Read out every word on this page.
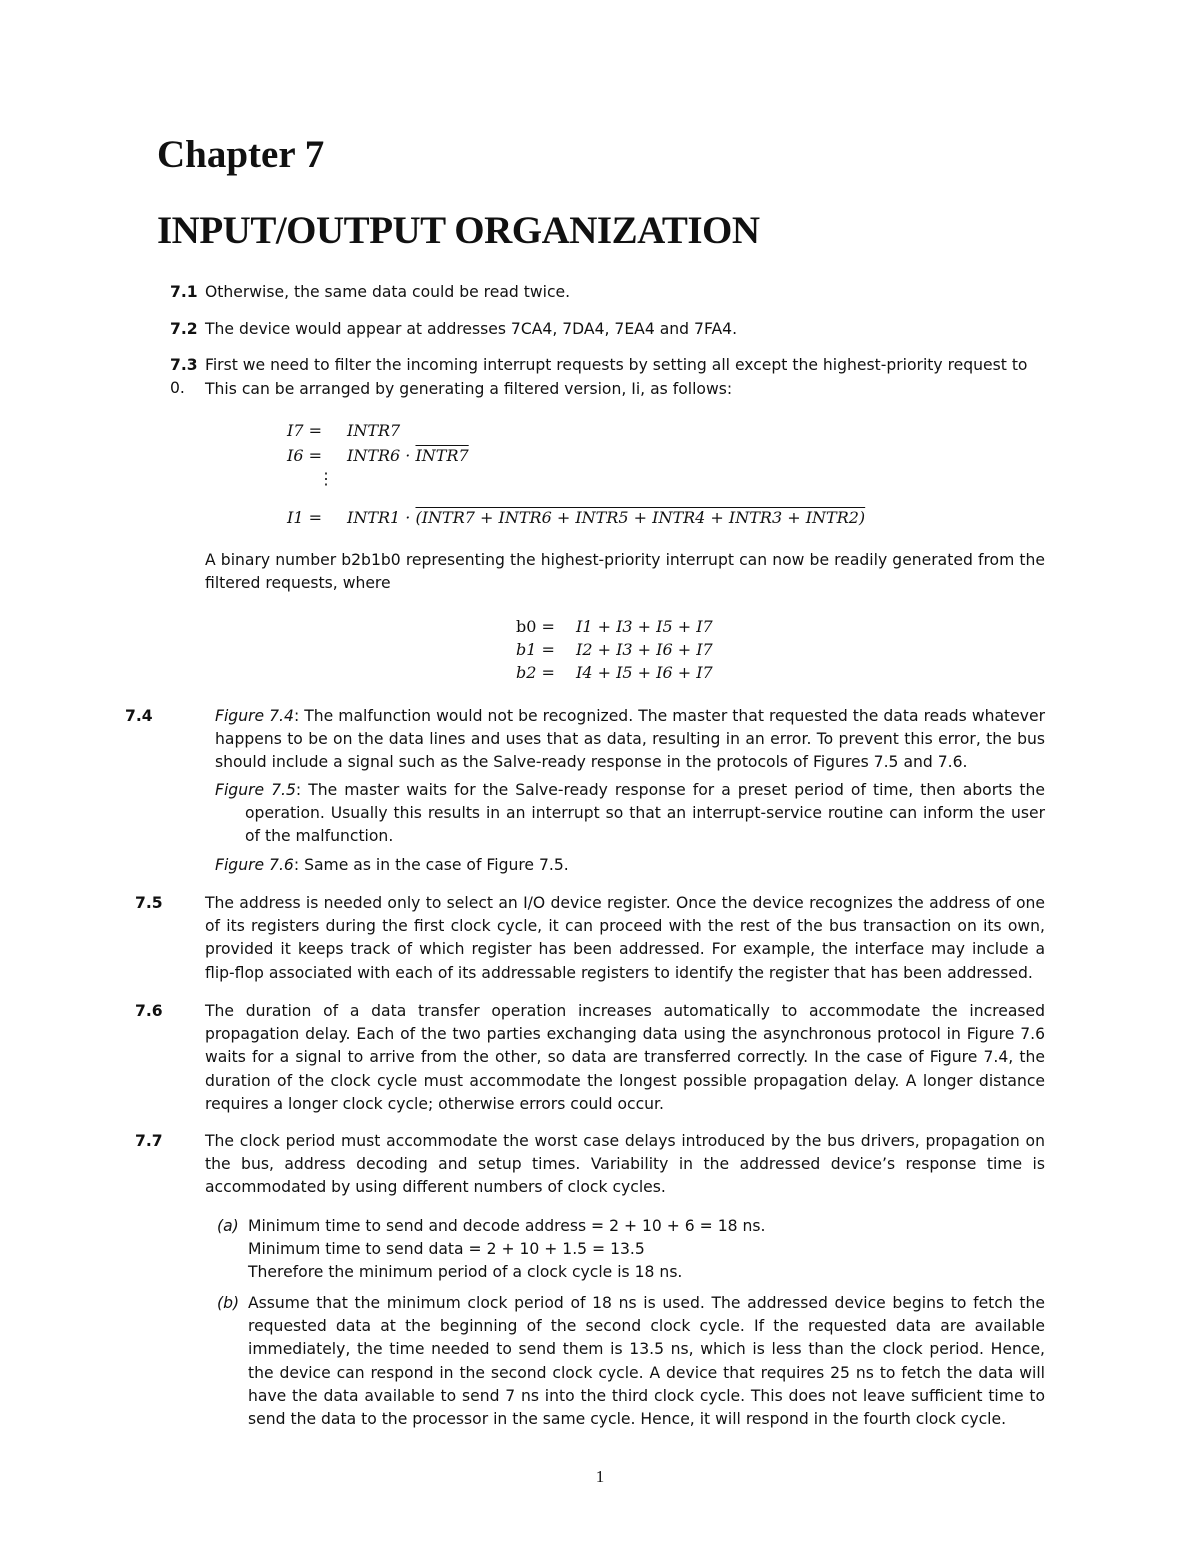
Chapter 7
INPUT/OUTPUT ORGANIZATION
7.1 Otherwise, the same data could be read twice.
7.2 The device would appear at addresses 7CA4, 7DA4, 7EA4 and 7FA4.
7.3 First we need to filter the incoming interrupt requests by setting all except the highest-priority request to 0.	This can be arranged by generating a filtered version, Ii, as follows:
I7 = INTR7
I6 = INTR6 · INTR7
⋮
I1 = INTR1 · (INTR7 + INTR6 + INTR5 + INTR4 + INTR3 + INTR2)
A binary number b2b1b0 representing the highest-priority interrupt can now be readily generated from the filtered requests, where
b0 = I1 + I3 + I5 + I7
b1 = I2 + I3 + I6 + I7
b2 = I4 + I5 + I6 + I7
7.4	Figure 7.4: The malfunction would not be recognized. The master that requested the data reads whatever happens to be on the data lines and uses that as data, resulting in an error. To prevent this error, the bus should include a signal such as the Salve-ready response in the protocols of Figures 7.5 and 7.6.
Figure 7.5: The master waits for the Salve-ready response for a preset period of time, then aborts the operation. Usually this results in an interrupt so that an interrupt-service routine can inform the user of the malfunction.
Figure 7.6: Same as in the case of Figure 7.5.
7.5	The address is needed only to select an I/O device register. Once the device recognizes the address of one of its registers during the first clock cycle, it can proceed with the rest of the bus transaction on its own, provided it keeps track of which register has been addressed. For example, the interface may include a flip-flop associated with each of its addressable registers to identify the register that has been addressed.
7.6	The duration of a data transfer operation increases automatically to accommodate the increased propagation delay. Each of the two parties exchanging data using the asynchronous protocol in Figure 7.6 waits for a signal to arrive from the other, so data are transferred correctly. In the case of Figure 7.4, the duration of the clock cycle must accommodate the longest possible propagation delay. A longer distance requires a longer clock cycle; otherwise errors could occur.
7.7	The clock period must accommodate the worst case delays introduced by the bus drivers, propagation on the bus, address decoding and setup times. Variability in the addressed device’s response time is accommodated by using different numbers of clock cycles.
(a) Minimum time to send and decode address = 2 + 10 + 6 = 18 ns.
Minimum time to send data = 2 + 10 + 1.5 = 13.5
Therefore the minimum period of a clock cycle is 18 ns.
(b) Assume that the minimum clock period of 18 ns is used. The addressed device begins to fetch the requested data at the beginning of the second clock cycle. If the requested data are available immediately, the time needed to send them is 13.5 ns, which is less than the clock period. Hence, the device can respond in the second clock cycle. A device that requires 25 ns to fetch the data will have the data available to send 7 ns into the third clock cycle. This does not leave sufficient time to send the data to the processor in the same cycle. Hence, it will respond in the fourth clock cycle.
1
